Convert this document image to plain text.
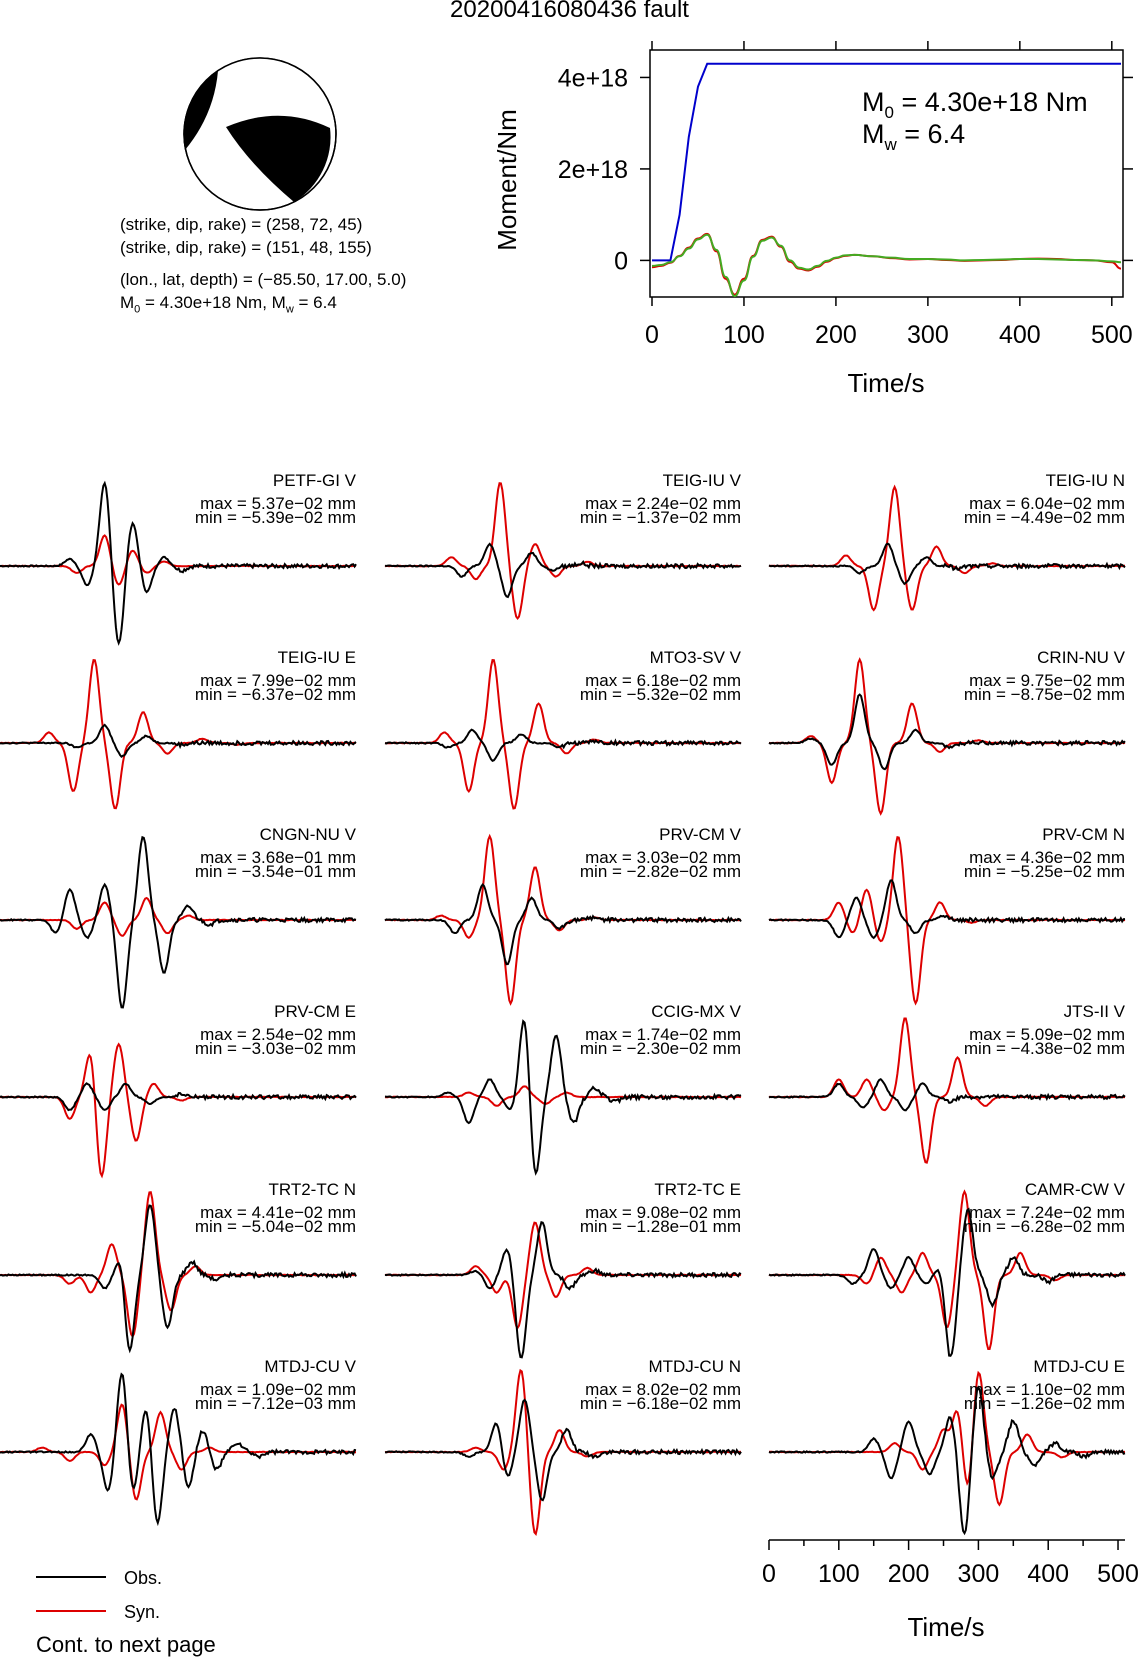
20200416080436 fault
(strike, dip, rake) = (258, 72, 45)
(strike, dip, rake) = (151, 48, 155)
(lon., lat, depth) = (−85.50, 17.00, 5.0)
$M_0 = 4.30e+18$ Nm, $M_w = 6.4$
0	100 200 300 400 500
0
2e+18
4e+18
$M_0 = 4.30e+18$ Nm
$M_w = 6.4$
Time/s
Moment/Nm
PETF-GI V
max = 5.37e−02 mm
min = −5.39e−02 mm
TEIG-IU V
max = 2.24e−02 mm
min = −1.37e−02 mm
TEIG-IU N
max = 6.04e−02 mm
min = −4.49e−02 mm
TEIG-IU E
max = 7.99e−02 mm
min = −6.37e−02 mm
MTO3-SV V
max = 6.18e−02 mm
min = −5.32e−02 mm
CRIN-NU V
max = 9.75e−02 mm
min = −8.75e−02 mm
CNGN-NU V
max = 3.68e−01 mm
min = −3.54e−01 mm
PRV-CM V
max = 3.03e−02 mm
min = −2.82e−02 mm
PRV-CM N
max = 4.36e−02 mm
min = −5.25e−02 mm
PRV-CM E
max = 2.54e−02 mm
min = −3.03e−02 mm
CCIG-MX V
max = 1.74e−02 mm
min = −2.30e−02 mm
JTS-II V
max = 5.09e−02 mm
min = −4.38e−02 mm
TRT2-TC N
max = 4.41e−02 mm
min = −5.04e−02 mm
TRT2-TC E
max = 9.08e−02 mm
min = −1.28e−01 mm
CAMR-CW V
max = 7.24e−02 mm
min = −6.28e−02 mm
MTDJ-CU V
max = 1.09e−02 mm
min = −7.12e−03 mm
MTDJ-CU N
max = 8.02e−02 mm
min = −6.18e−02 mm
MTDJ-CU E
max = 1.10e−02 mm
min = −1.26e−02 mm
0 100 200 300 400 500
Time/s
Obs.
Syn.
Cont. to next page
